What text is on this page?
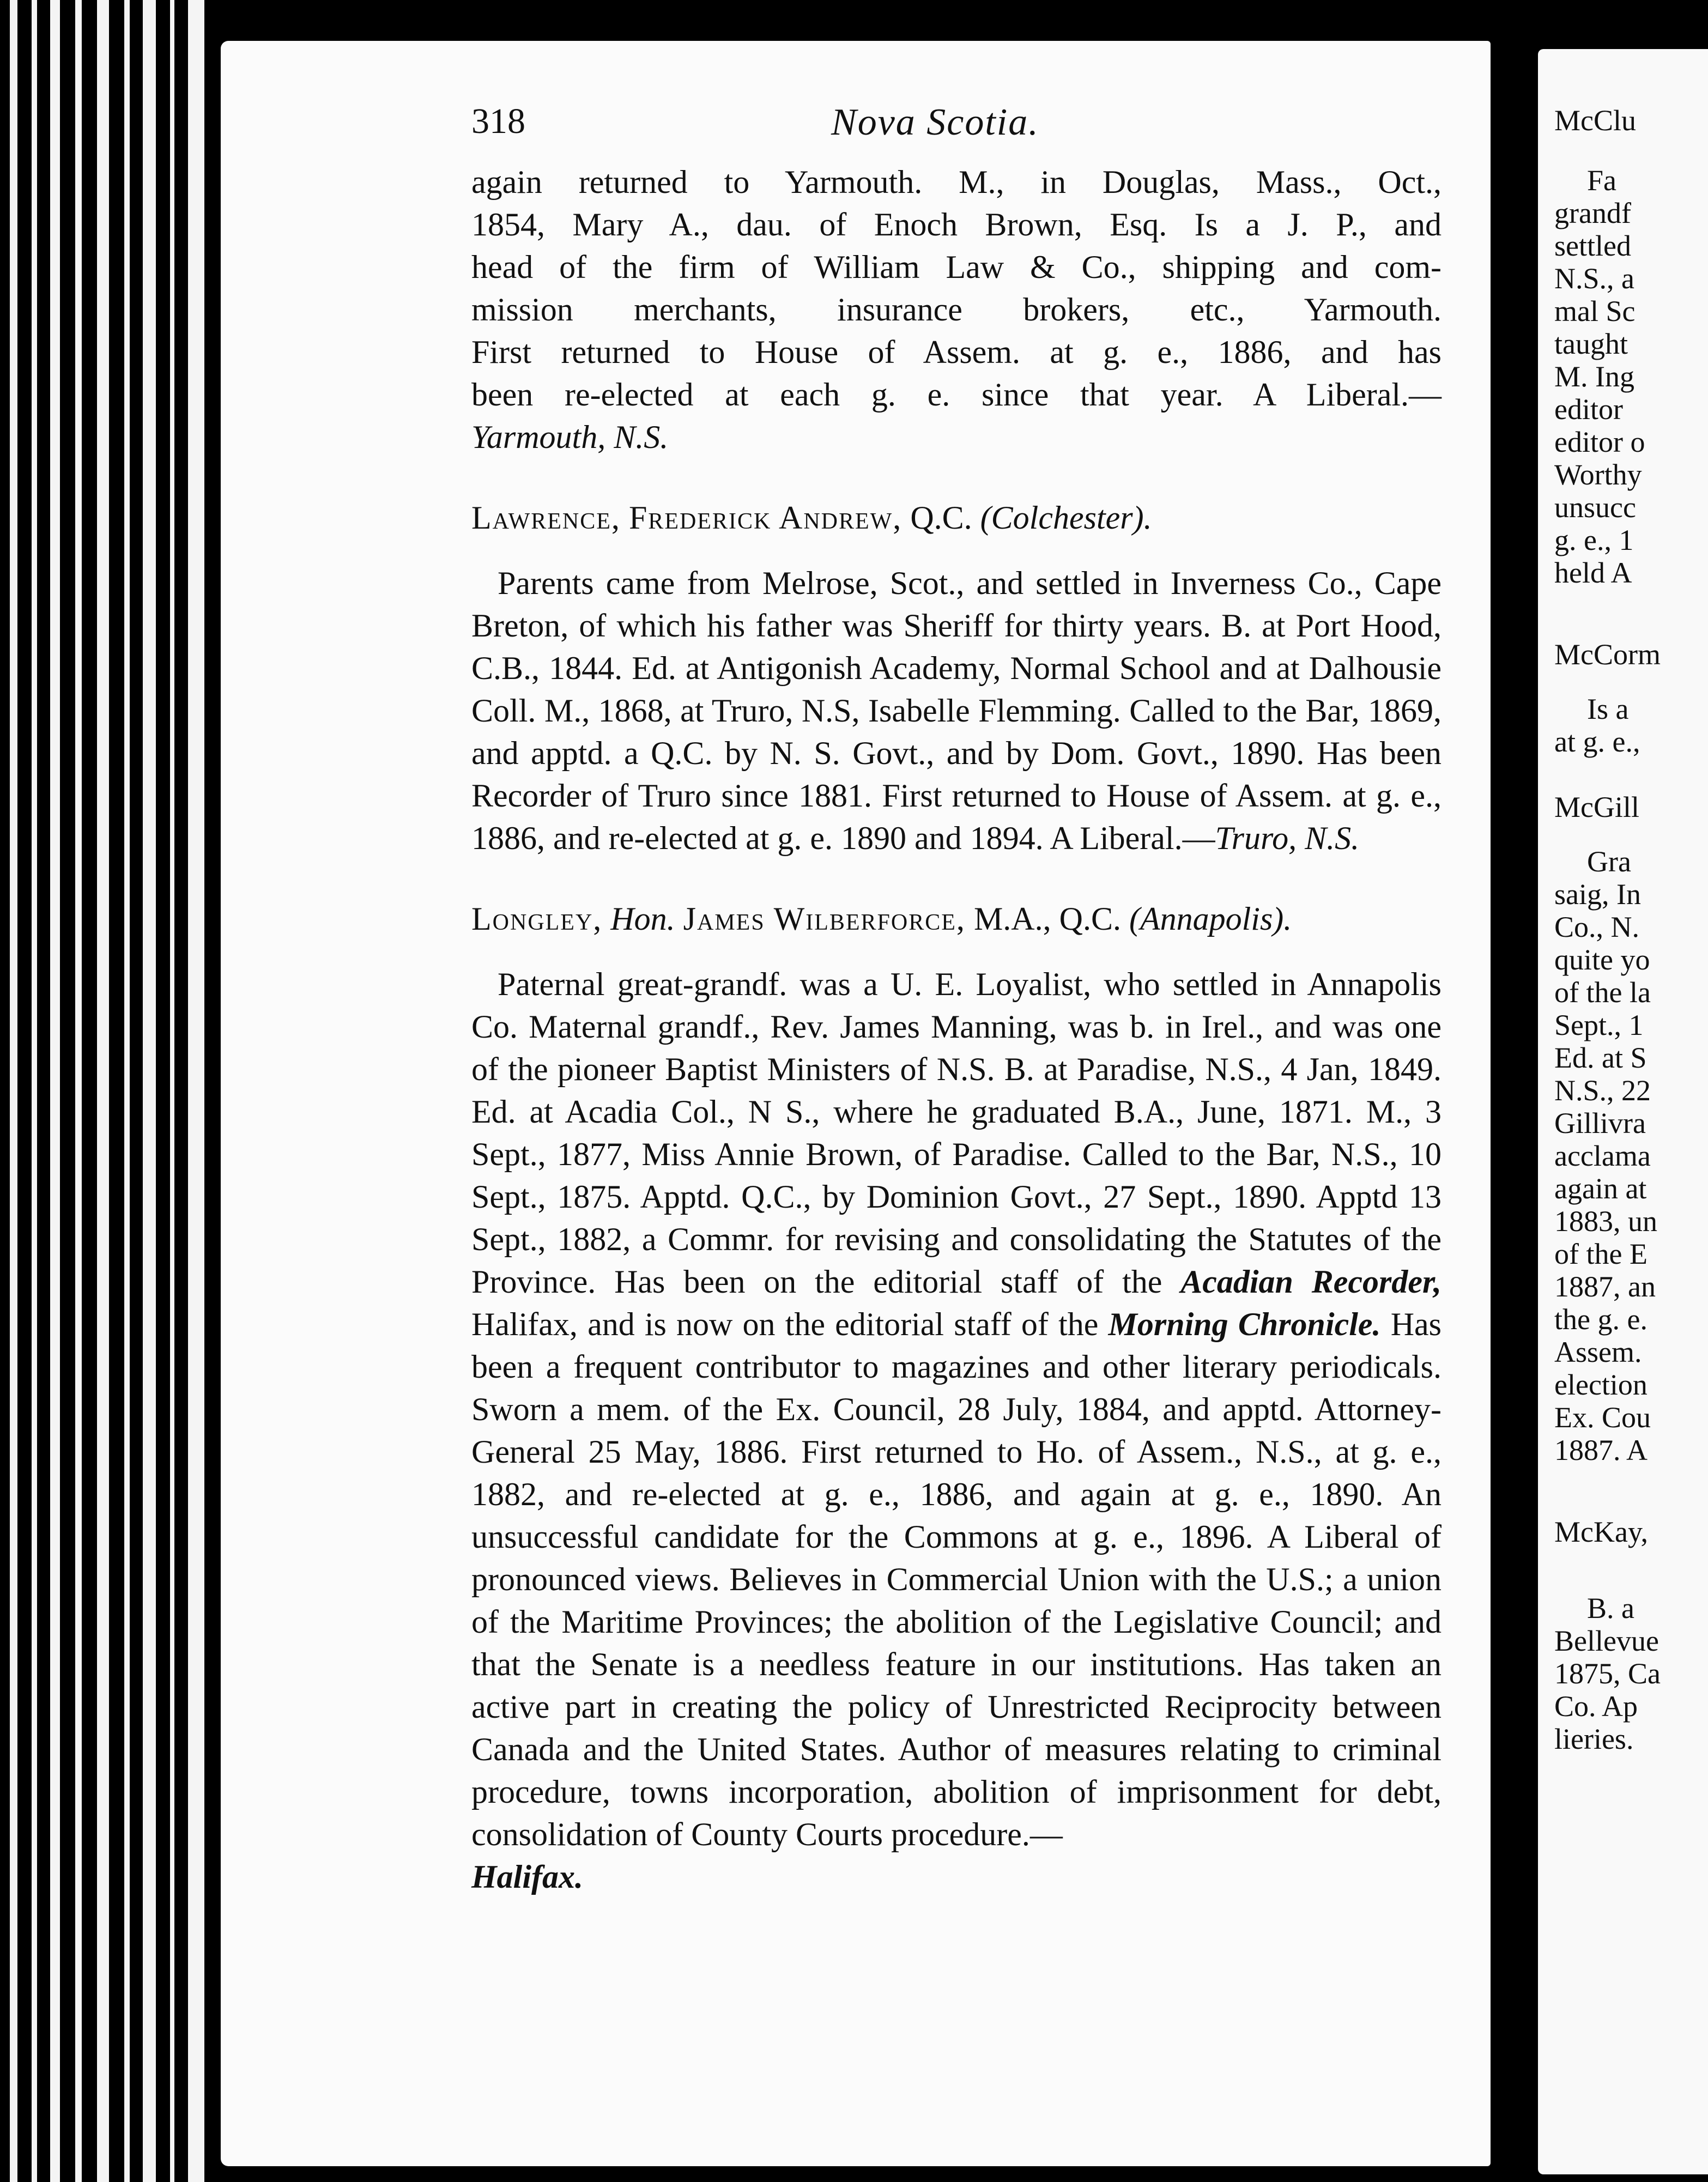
318	Nova Scotia.
again returned to Yarmouth. M., in Douglas, Mass., Oct.,
1854, Mary A., dau. of Enoch Brown, Esq. Is a J. P., and
head of the firm of William Law & Co., shipping and com-
mission merchants, insurance brokers, etc., Yarmouth.
First returned to House of Assem. at g. e., 1886, and has
been re-elected at each g. e. since that year. A Liberal.—
Yarmouth, N.S.
Lawrence, Frederick Andrew, Q.C. (Colchester).

Parents came from Melrose, Scot., and settled in Inverness Co., Cape Breton, of which his father was Sheriff for thirty years. B. at Port Hood, C.B., 1844. Ed. at Antigonish Academy, Normal School and at Dalhousie Coll. M., 1868, at Truro, N.S, Isabelle Flemming. Called to the Bar, 1869, and apptd. a Q.C. by N. S. Govt., and by Dom. Govt., 1890. Has been Recorder of Truro since 1881. First returned to House of Assem. at g. e., 1886, and re-elected at g. e. 1890 and 1894. A Liberal.—Truro, N.S.

Longley, Hon. James Wilberforce, M.A., Q.C. (Annapolis).

Paternal great-grandf. was a U. E. Loyalist, who settled in Annapolis Co. Maternal grandf., Rev. James Manning, was b. in Irel., and was one of the pioneer Baptist Ministers of N.S. B. at Paradise, N.S., 4 Jan, 1849. Ed. at Acadia Col., N S., where he graduated B.A., June, 1871. M., 3 Sept., 1877, Miss Annie Brown, of Paradise. Called to the Bar, N.S., 10 Sept., 1875. Apptd. Q.C., by Dominion Govt., 27 Sept., 1890. Apptd 13 Sept., 1882, a Commr. for revising and consolidating the Statutes of the Province. Has been on the editorial staff of the Acadian Recorder, Halifax, and is now on the editorial staff of the Morning Chronicle. Has been a frequent contributor to magazines and other literary periodicals. Sworn a mem. of the Ex. Council, 28 July, 1884, and apptd. Attorney-General 25 May, 1886. First returned to Ho. of Assem., N.S., at g. e., 1882, and re-elected at g. e., 1886, and again at g. e., 1890. An unsuccessful candidate for the Commons at g. e., 1896. A Liberal of pronounced views. Believes in Commercial Union with the U.S.; a union of the Maritime Provinces; the abolition of the Legislative Council; and that the Senate is a needless feature in our institutions. Has taken an active part in creating the policy of Unrestricted Reciprocity between Canada and the United States. Author of measures relating to criminal procedure, towns incorporation, abolition of imprisonment for debt, consolidation of County Courts procedure.—

Halifax.
McClu
Fa
grandf
settled
N.S., a
mal Sc
taught
M. Ing
editor
editor o
Worthy
unsucc
g. e., 1
held A
McCorm
Is a
at g. e.,
McGill
Gra
saig, In
Co., N.
quite yo
of the la
Sept., 1
Ed. at S
N.S., 22
Gillivra
acclama
again at
1883, un
of the E
1887, an
the g. e.
Assem.
election
Ex. Cou
1887. A
McKay,
B. a
Bellevue
1875, Ca
Co. Ap
lieries.
